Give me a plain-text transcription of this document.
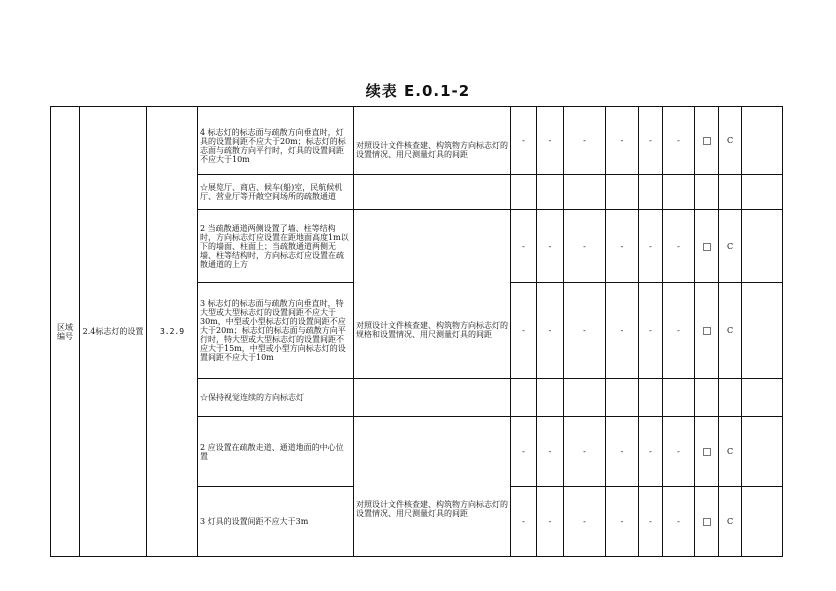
续表 E.0.1-2
区域
编号	2.4标志灯的设置	3.2.9	4 标志灯的标志面与疏散方向垂直时，灯具的设置间距不应大于20m；标志灯的标志面与疏散方向平行时，灯具的设置间距不应大于10m	对照设计文件核查建、构筑物方向标志灯的设置情况、用尺测量灯具的间距	-	-	-	-	-	-		C	
			☆展览厅、商店、候车(船)室，民航候机厅、营业厅等开敞空间场所的疏散通道										
			2 当疏散通道两侧设置了墙、柱等结构时，方向标志灯应设置在距地面高度1m以下的墙面、柱面上；当疏散通道两侧无墙、柱等结构时，方向标志灯应设置在疏散通道的上方	对照设计文件核查建、构筑物方向标志灯的规格和设置情况、用尺测量灯具的间距	-	-	-	-	-	-		C	
			3 标志灯的标志面与疏散方向垂直时，特大型或大型标志灯的设置间距不应大于30m，中型或小型标志灯的设置间距不应大于20m；标志灯的标志面与疏散方向平行时，特大型或大型标志灯的设置间距不应大于15m，中型或小型方向标志灯的设置间距不应大于10m		-	-	-	-	-	-		C	
			☆保持视觉连续的方向标志灯										
			2 应设置在疏散走道、通道地面的中心位置	对照设计文件核查建、构筑物方向标志灯的设置情况、用尺测量灯具的间距	-	-	-	-	-	-		C	
			3 灯具的设置间距不应大于3m		-	-	-	-	-	-		C	
